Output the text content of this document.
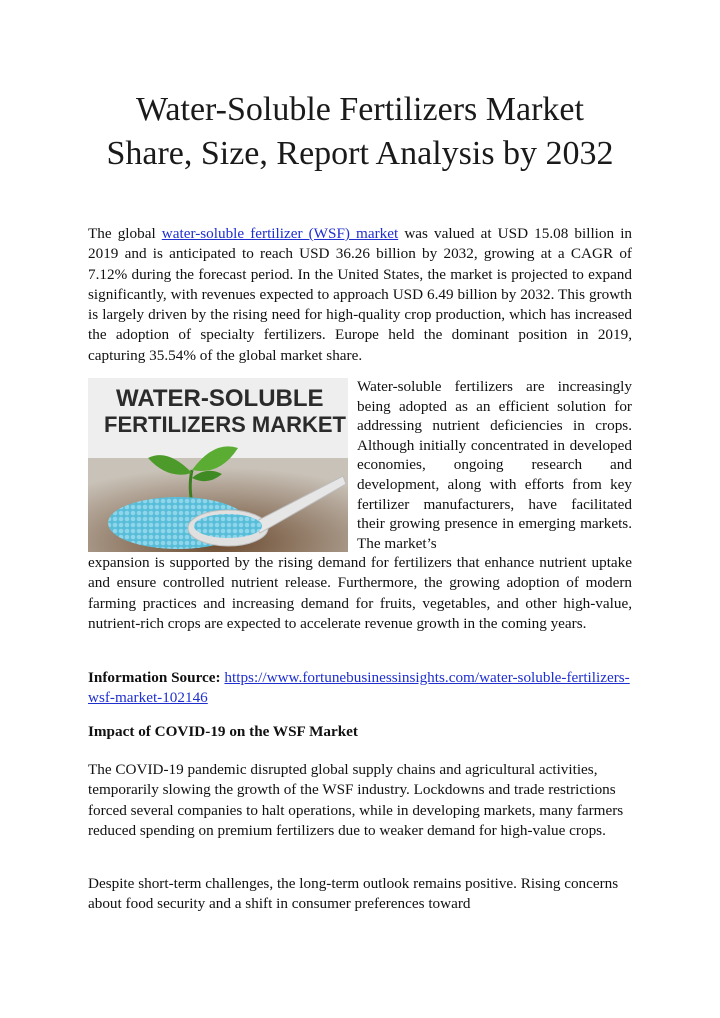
Water-Soluble Fertilizers Market
Share, Size, Report Analysis by 2032

The global water-soluble fertilizer (WSF) market was valued at USD 15.08 billion in 2019 and is anticipated to reach USD 36.26 billion by 2032, growing at a CAGR of 7.12% during the forecast period. In the United States, the market is projected to expand significantly, with revenues expected to approach USD 6.49 billion by 2032. This growth is largely driven by the rising need for high-quality crop production, which has increased the adoption of specialty fertilizers. Europe held the dominant position in 2019, capturing 35.54% of the global market share.

WATER-SOLUBLE
FERTILIZERS MARKET

Water-soluble fertilizers are increasingly being adopted as an efficient solution for addressing nutrient deficiencies in crops. Although initially concentrated in developed economies, ongoing research and development, along with efforts from key fertilizer manufacturers, have facilitated their growing presence in emerging markets. The market’s

expansion is supported by the rising demand for fertilizers that enhance nutrient uptake and ensure controlled nutrient release. Furthermore, the growing adoption of modern farming practices and increasing demand for fruits, vegetables, and other high-value, nutrient-rich crops are expected to accelerate revenue growth in the coming years.

Information Source: https://www.fortunebusinessinsights.com/water-soluble-fertilizers-wsf-market-102146

Impact of COVID-19 on the WSF Market

The COVID-19 pandemic disrupted global supply chains and agricultural activities, temporarily slowing the growth of the WSF industry. Lockdowns and trade restrictions forced several companies to halt operations, while in developing markets, many farmers reduced spending on premium fertilizers due to weaker demand for high-value crops.

Despite short-term challenges, the long-term outlook remains positive. Rising concerns about food security and a shift in consumer preferences toward
